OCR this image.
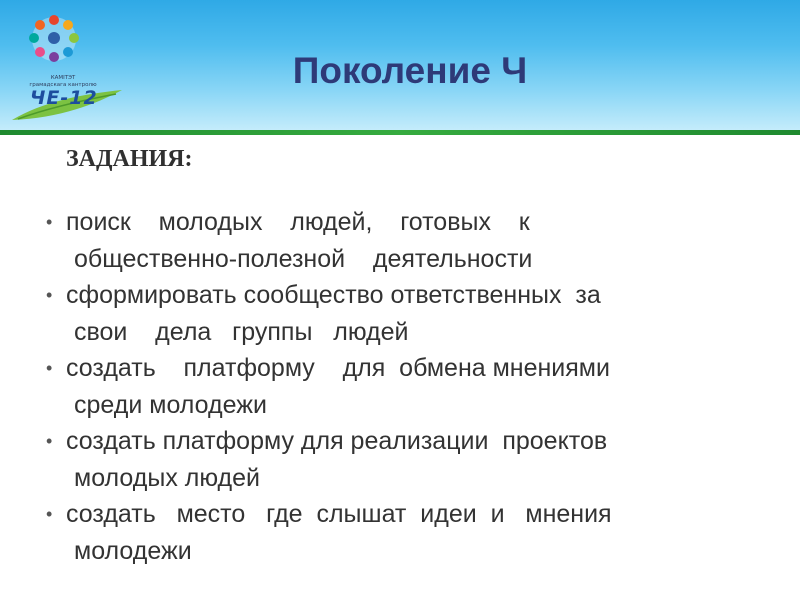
КАМІТЭТ
грамадскага кантролю
ЧЕ-12
Поколение Ч
ЗАДАНИЯ:
• поиск    молодых    людей,    готовых    к
общественно-полезной    деятельности
• сформировать сообщество ответственных  за
свои    дела   группы   людей
• создать    платформу    для  обмена мнениями
среди молодежи
• создать платформу для реализации  проектов
молодых людей
• создать   место   где  слышат  идеи  и   мнения
молодежи
